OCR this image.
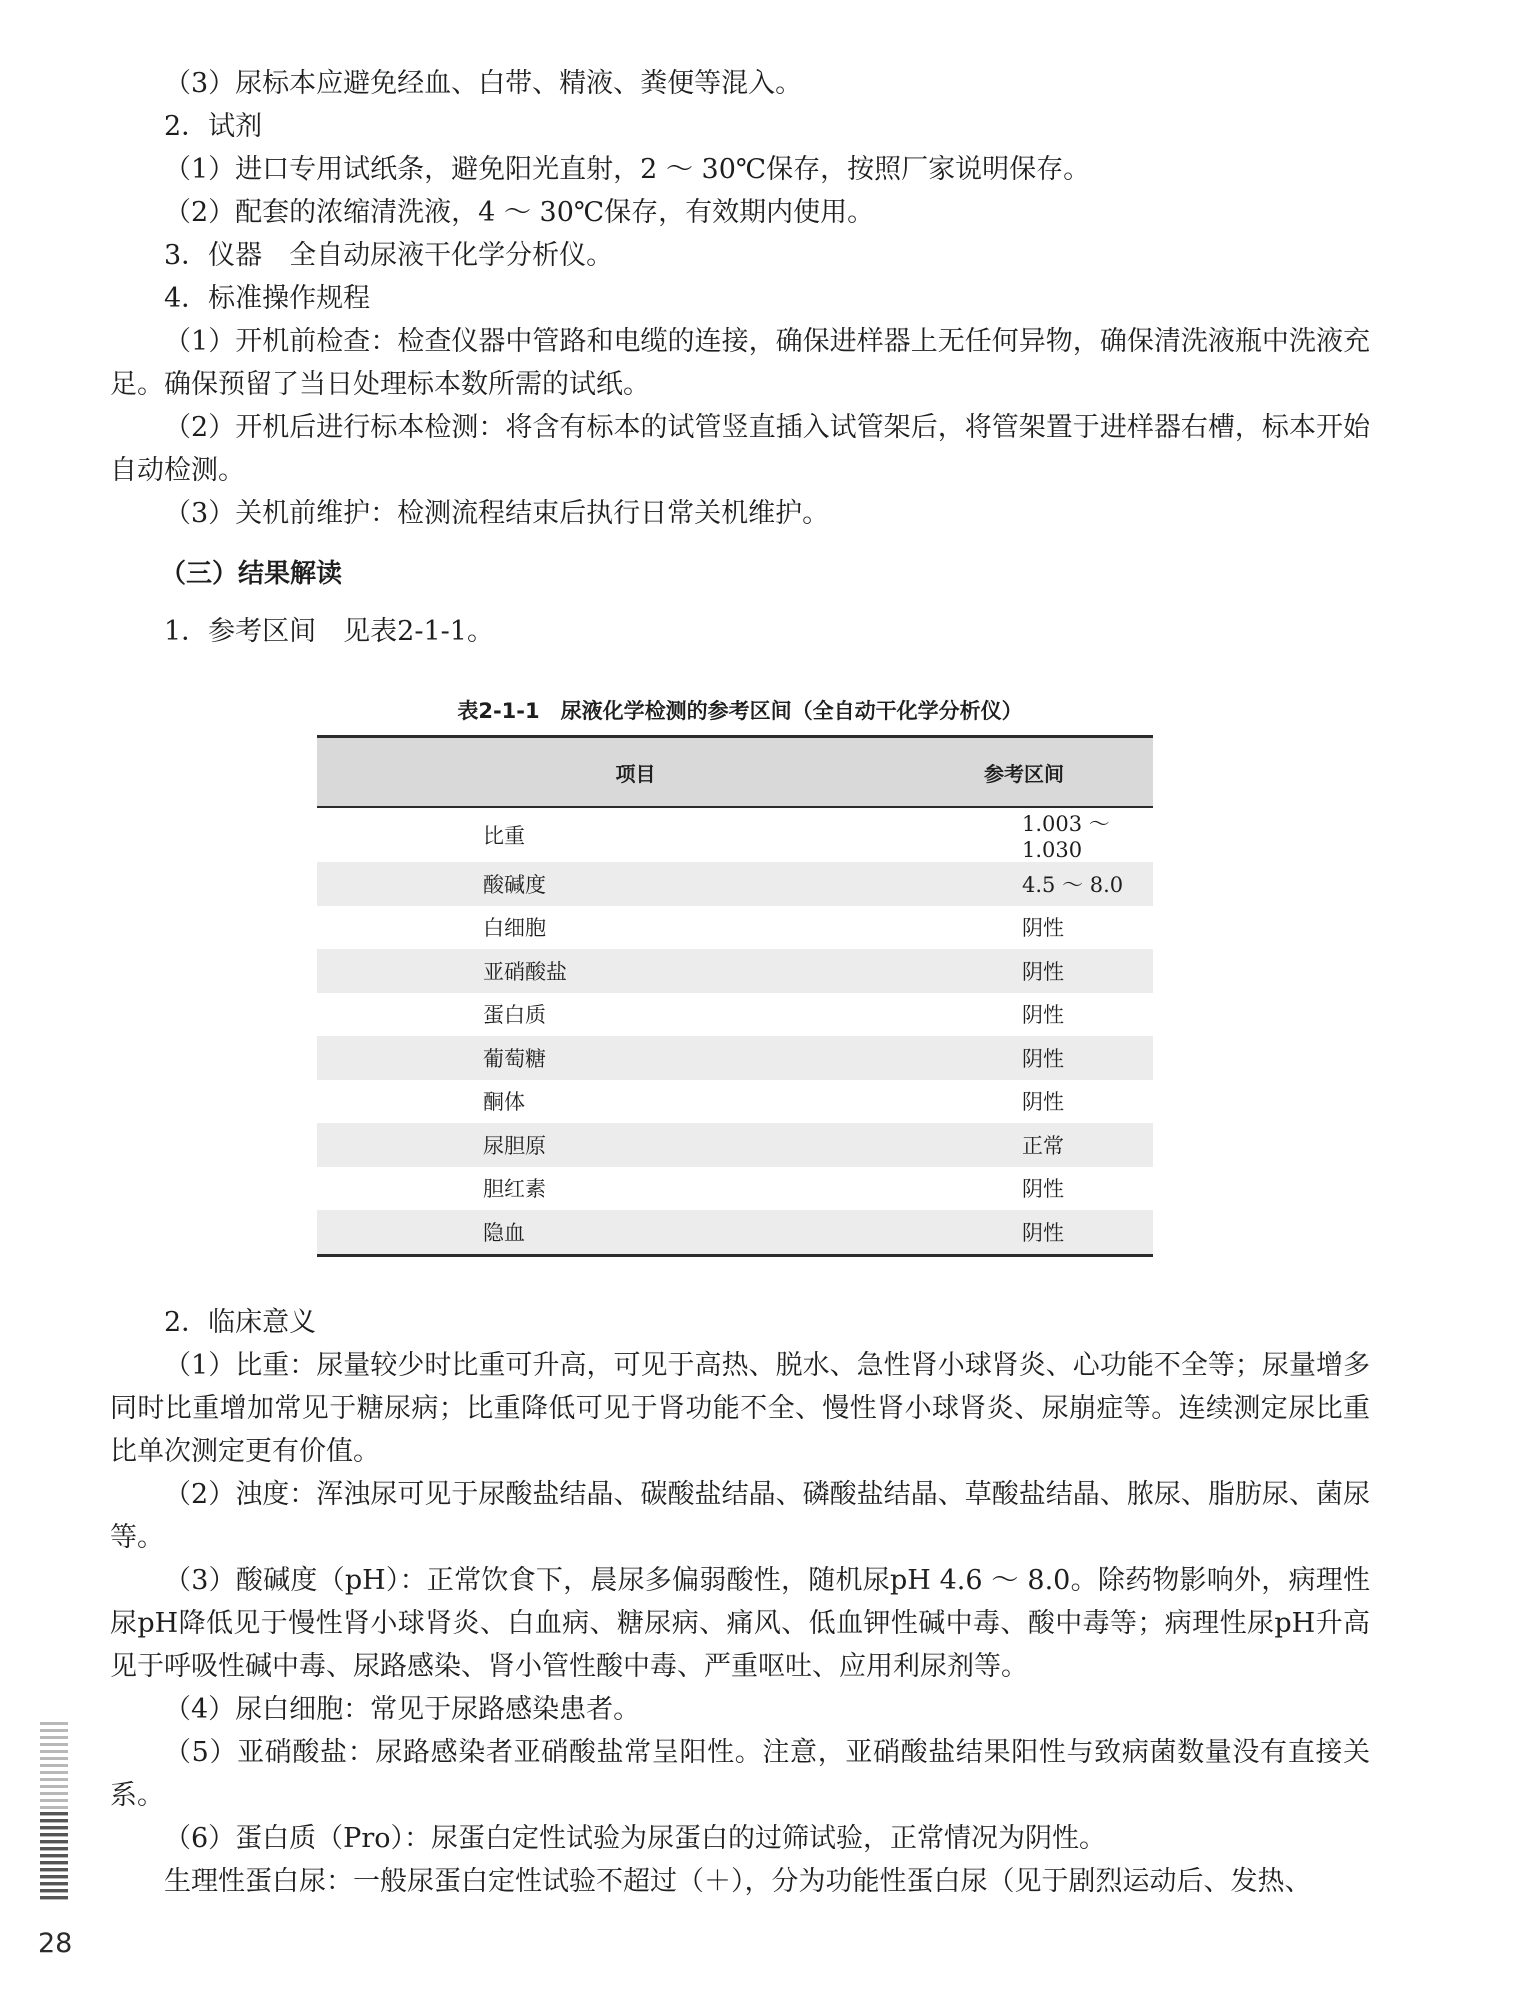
（3）尿标本应避免经血、白带、精液、粪便等混入。

2．试剂

（1）进口专用试纸条，避免阳光直射，2 ～ 30℃保存，按照厂家说明保存。

（2）配套的浓缩清洗液，4 ～ 30℃保存，有效期内使用。

3．仪器　全自动尿液干化学分析仪。

4．标准操作规程

（1）开机前检查：检查仪器中管路和电缆的连接，确保进样器上无任何异物，确保清洗液瓶中洗液充足。确保预留了当日处理标本数所需的试纸。

（2）开机后进行标本检测：将含有标本的试管竖直插入试管架后，将管架置于进样器右槽，标本开始自动检测。

（3）关机前维护：检测流程结束后执行日常关机维护。

（三）结果解读

1．参考区间　见表2-1-1。

表2-1-1　尿液化学检测的参考区间（全自动干化学分析仪）
项目	参考区间
比重	1.003 ～ 1.030
酸碱度	4.5 ～ 8.0
白细胞	阴性
亚硝酸盐	阴性
蛋白质	阴性
葡萄糖	阴性
酮体	阴性
尿胆原	正常
胆红素	阴性
隐血	阴性

2．临床意义

（1）比重：尿量较少时比重可升高，可见于高热、脱水、急性肾小球肾炎、心功能不全等；尿量增多同时比重增加常见于糖尿病；比重降低可见于肾功能不全、慢性肾小球肾炎、尿崩症等。连续测定尿比重比单次测定更有价值。

（2）浊度：浑浊尿可见于尿酸盐结晶、碳酸盐结晶、磷酸盐结晶、草酸盐结晶、脓尿、脂肪尿、菌尿等。

（3）酸碱度（pH）：正常饮食下，晨尿多偏弱酸性，随机尿pH 4.6 ～ 8.0。除药物影响外，病理性尿pH降低见于慢性肾小球肾炎、白血病、糖尿病、痛风、低血钾性碱中毒、酸中毒等；病理性尿pH升高见于呼吸性碱中毒、尿路感染、肾小管性酸中毒、严重呕吐、应用利尿剂等。

（4）尿白细胞：常见于尿路感染患者。

（5）亚硝酸盐：尿路感染者亚硝酸盐常呈阳性。注意，亚硝酸盐结果阳性与致病菌数量没有直接关系。

（6）蛋白质（Pro）：尿蛋白定性试验为尿蛋白的过筛试验，正常情况为阴性。

生理性蛋白尿：一般尿蛋白定性试验不超过（＋），分为功能性蛋白尿（见于剧烈运动后、发热、

28
